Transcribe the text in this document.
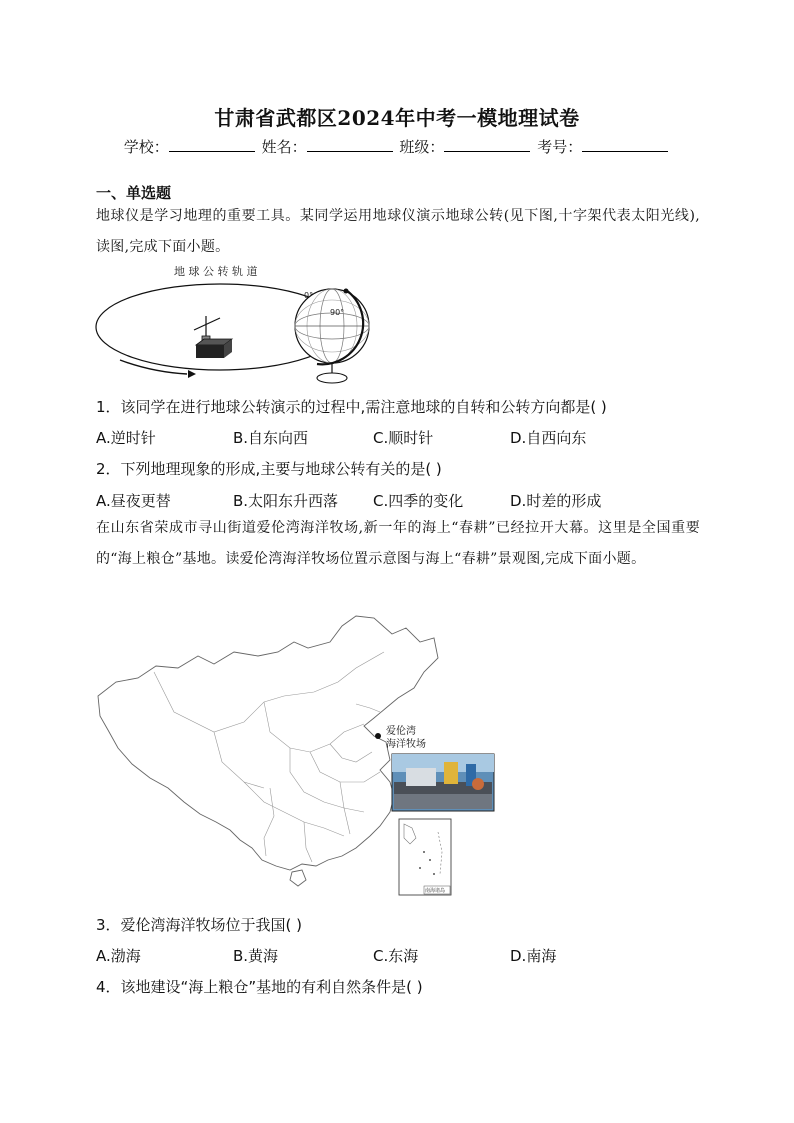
甘肃省武都区2024年中考一模地理试卷
学校：	姓名：	班级：	考号：
一、单选题
地球仪是学习地理的重要工具。某同学运用地球仪演示地球公转(见下图,十字架代表太阳光线),读图,完成下面小题。
地 球 公 转 轨 道
0°
90°
1．该同学在进行地球公转演示的过程中,需注意地球的自转和公转方向都是( )
A.逆时针	B.自东向西	C.顺时针	D.自西向东
2．下列地理现象的形成,主要与地球公转有关的是( )
A.昼夜更替	B.太阳东升西落 C.四季的变化	D.时差的形成
在山东省荣成市寻山街道爱伦湾海洋牧场,新一年的海上“春耕”已经拉开大幕。这里是全国重要的“海上粮仓”基地。读爱伦湾海洋牧场位置示意图与海上“春耕”景观图,完成下面小题。
爱伦湾
海洋牧场
南海诸岛
3．爱伦湾海洋牧场位于我国( )
A.渤海	B.黄海	C.东海	D.南海
4．该地建设“海上粮仓”基地的有利自然条件是( )
